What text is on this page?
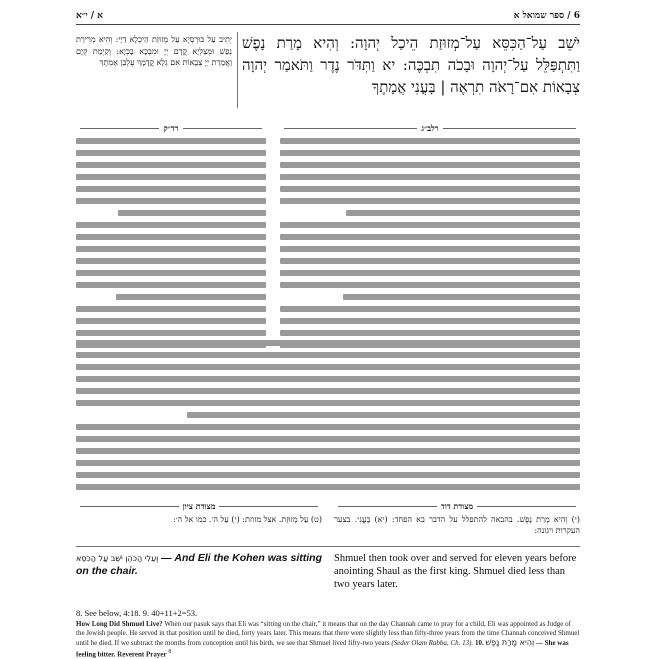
א / י״א	6 / ספר שמואל א
יֹשֵׁב עַל־הַכִּסֵּא עַל־מְזוּזַת הֵיכַל יְהוָה: וְהִיא מָרַת נָפֶשׁ וַתִּתְפַּלֵּל עַל־יְהוָה וּבָכֹה תִבְכֶּה: יא וַתִּדֹּר נֶדֶר וַתֹּאמַר יְהוָה צְבָאוֹת אִם־רָאֹה תִרְאֶה | בָּעֳנִי אֲמָתֶךָ
יְתִיב עַל כּוּרְסְיָא עַל מְזוּזַת הֵיכְלָא דַיָי: וְהִיא מְרִירַת נְפַשׁ וּמְצַלְיָא קֳדָם יְיָ וּמִבְכָּא בָכְיָא: וְקַיְמַת קְיָם וַאֲמַרַת יְיָ צְבָאוֹת אִם גְלָא קֳדָמָךְ עֻלְבַּן אַמְתָךְ
רד״ק	רלב״ג
מצודת ציון	מצודת דוד
(ט) עַל מְזוּזַת. אצל מזוזת: (י) עַל ה׳. כמו אל ה׳: (י) וְהִיא מָרַת נָפֶשׁ. בהבאה להתפלל על הדבר בא הפחד: (יא) בָּעֳנִי. בצער העקרות ויגונה:

וְעֵלִי הַכֹּהֵן יֹשֵׁב עַל הַכִּסֵּא — And Eli the Kohen was sitting on the chair.

Shmuel then took over and served for eleven years before anointing Shaul as the first king. Shmuel died less than two years later.

8. See below, 4:18. 9. 40+11+2=53.
How Long Did Shmuel Live? When our pasuk says that Eli was “sitting on the chair,” it means that on the day Channah came to pray for a child, Eli was appointed as Judge of the Jewish people. He served in that position until he died, forty years later. This means that there were slightly less than fifty-three years from the time Channah conceived Shmuel until he died. If we subtract the months from conception until his birth, we see that Shmuel lived fifty-two years (Seder Olam Rabba, Ch. 13). 10. וְהִיא מָרַת נָפֶשׁ — She was feeling bitter. Reverent Prayer $^8$
